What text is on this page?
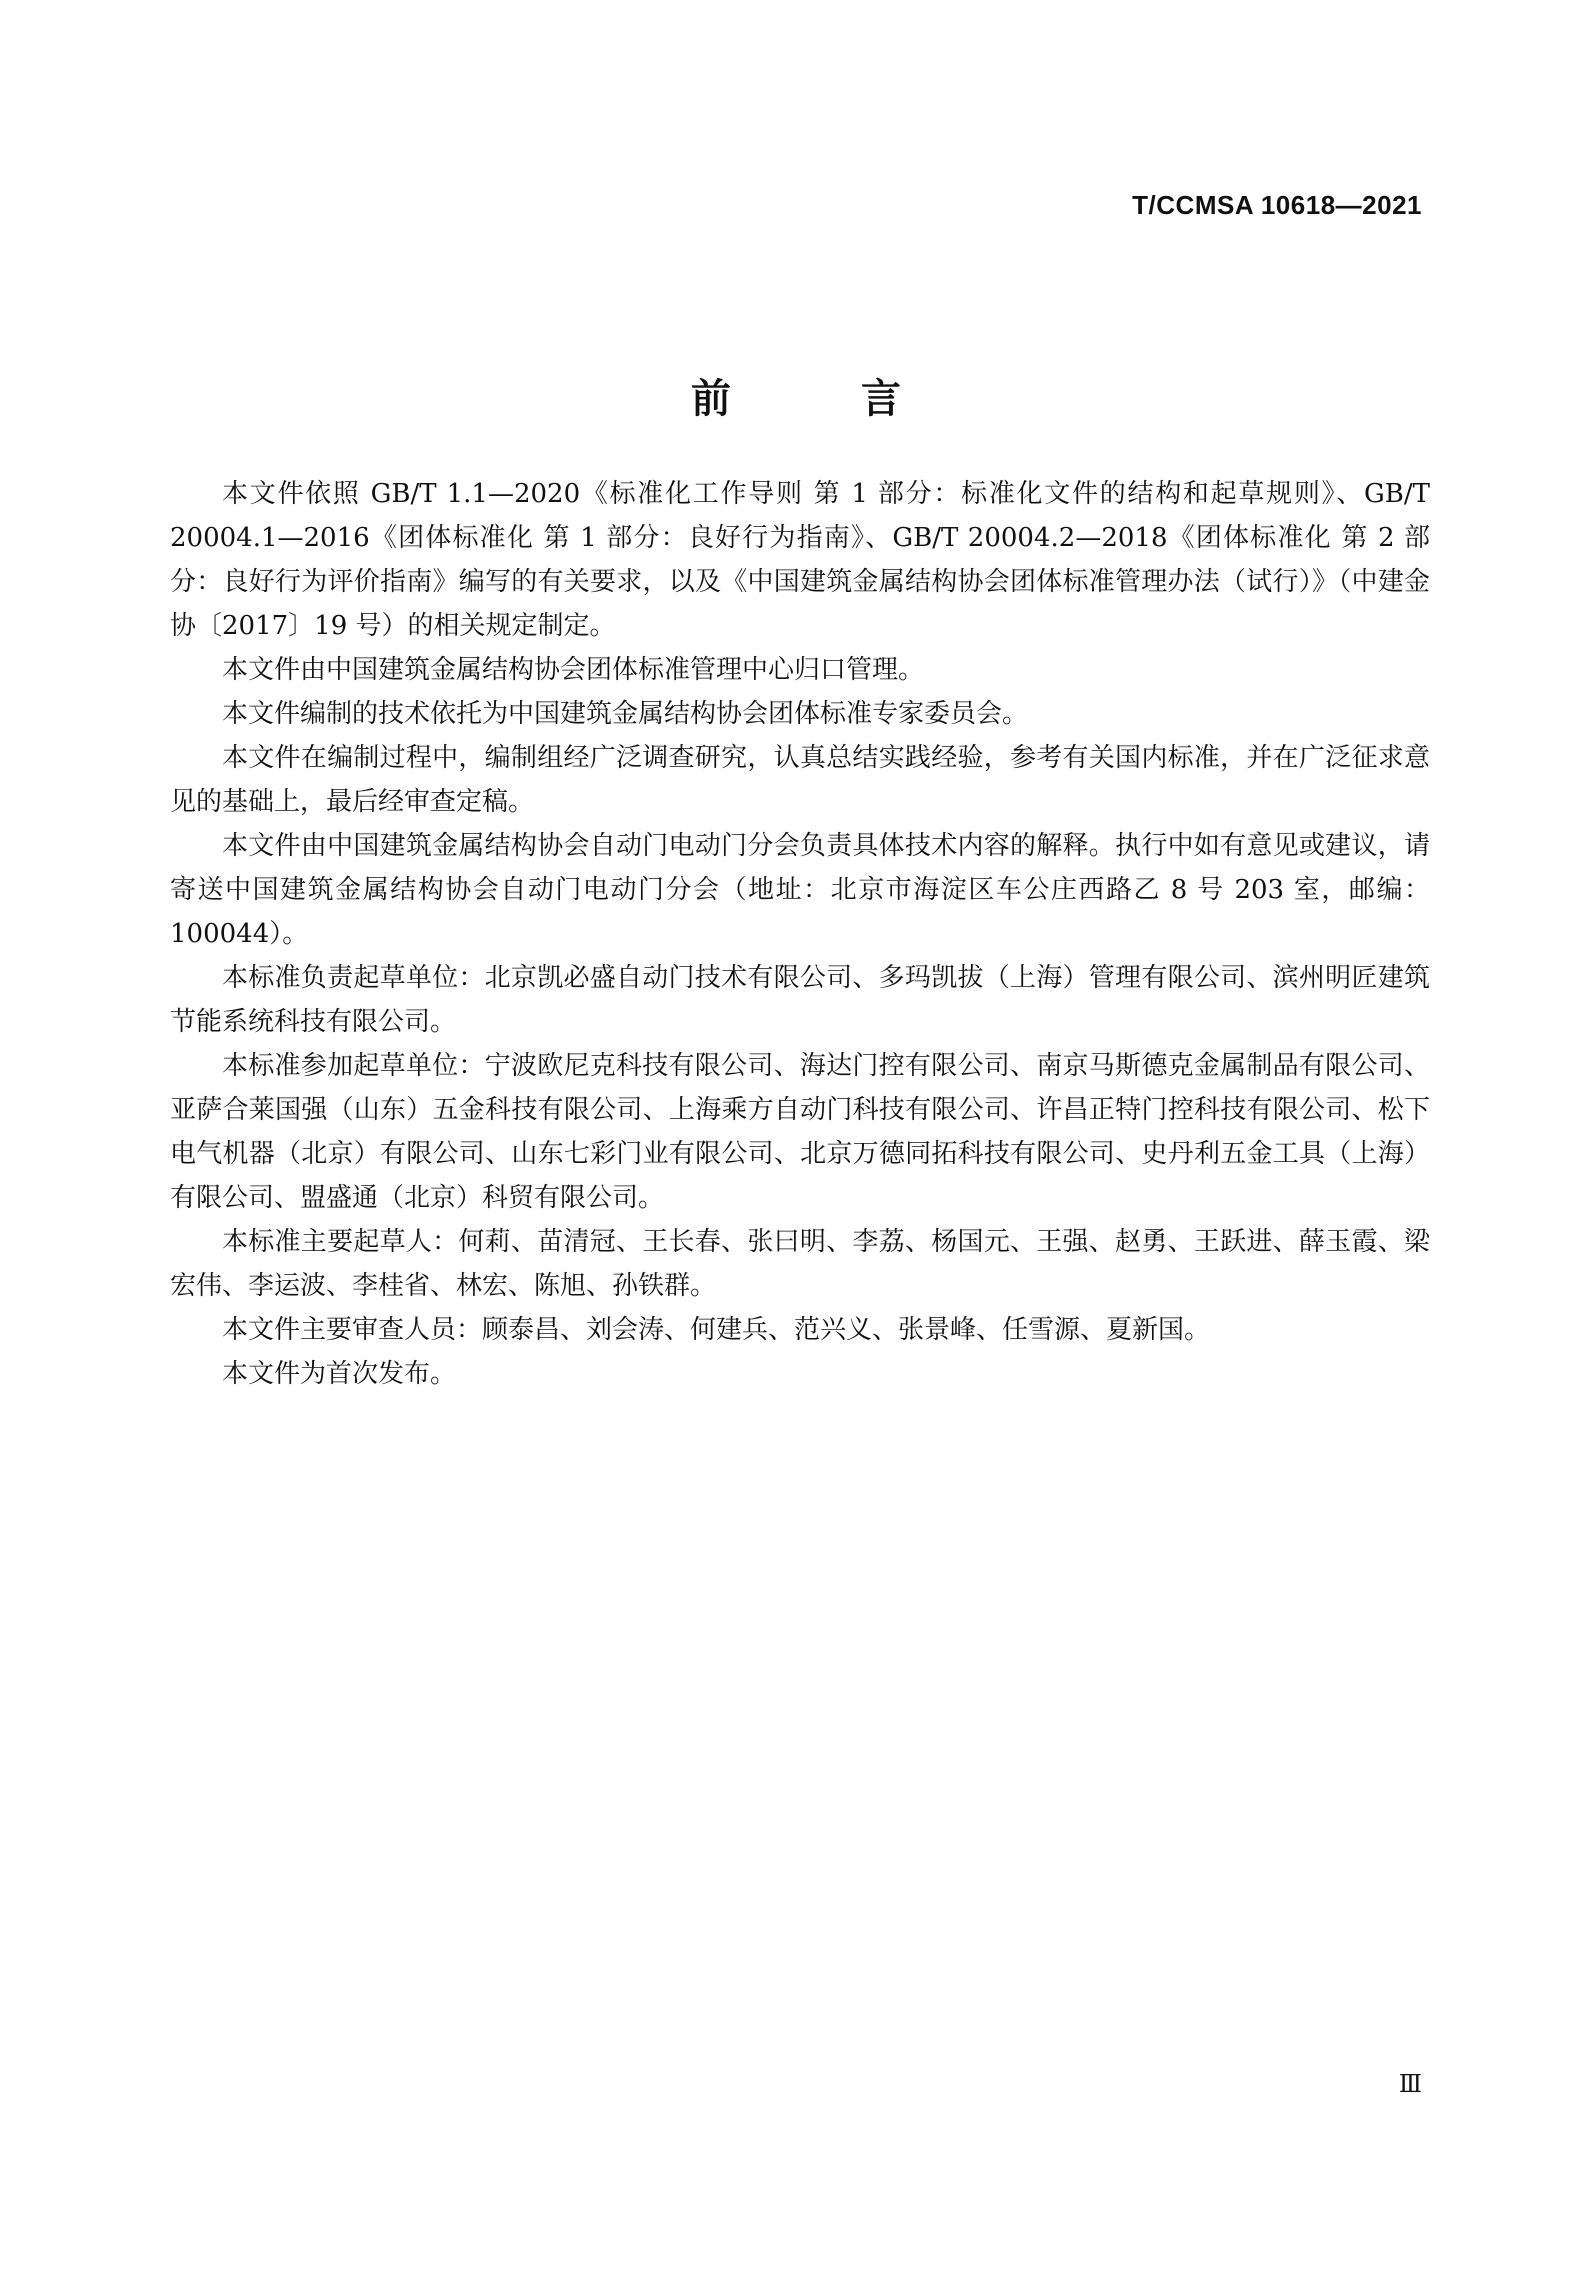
T/CCMSA 10618—2021
前 言

本文件依照 GB/T 1.1—2020《标准化工作导则 第 1 部分：标准化文件的结构和起草规则》、GB/T 20004.1—2016《团体标准化 第 1 部分：良好行为指南》、GB/T 20004.2—2018《团体标准化 第 2 部分：良好行为评价指南》编写的有关要求，以及《中国建筑金属结构协会团体标准管理办法（试行）》（中建金协〔2017〕19 号）的相关规定制定。

本文件由中国建筑金属结构协会团体标准管理中心归口管理。

本文件编制的技术依托为中国建筑金属结构协会团体标准专家委员会。

本文件在编制过程中，编制组经广泛调查研究，认真总结实践经验，参考有关国内标准，并在广泛征求意见的基础上，最后经审查定稿。

本文件由中国建筑金属结构协会自动门电动门分会负责具体技术内容的解释。执行中如有意见或建议，请寄送中国建筑金属结构协会自动门电动门分会（地址：北京市海淀区车公庄西路乙 8 号 203 室，邮编：100044）。

本标准负责起草单位：北京凯必盛自动门技术有限公司、多玛凯拔（上海）管理有限公司、滨州明匠建筑节能系统科技有限公司。

本标准参加起草单位：宁波欧尼克科技有限公司、海达门控有限公司、南京马斯德克金属制品有限公司、亚萨合莱国强（山东）五金科技有限公司、上海乘方自动门科技有限公司、许昌正特门控科技有限公司、松下电气机器（北京）有限公司、山东七彩门业有限公司、北京万德同拓科技有限公司、史丹利五金工具（上海）有限公司、盟盛通（北京）科贸有限公司。

本标准主要起草人：何莉、苗清冠、王长春、张曰明、李荔、杨国元、王强、赵勇、王跃进、薛玉霞、梁宏伟、李运波、李桂省、林宏、陈旭、孙铁群。

本文件主要审查人员：顾泰昌、刘会涛、何建兵、范兴义、张景峰、任雪源、夏新国。

本文件为首次发布。

Ⅲ
